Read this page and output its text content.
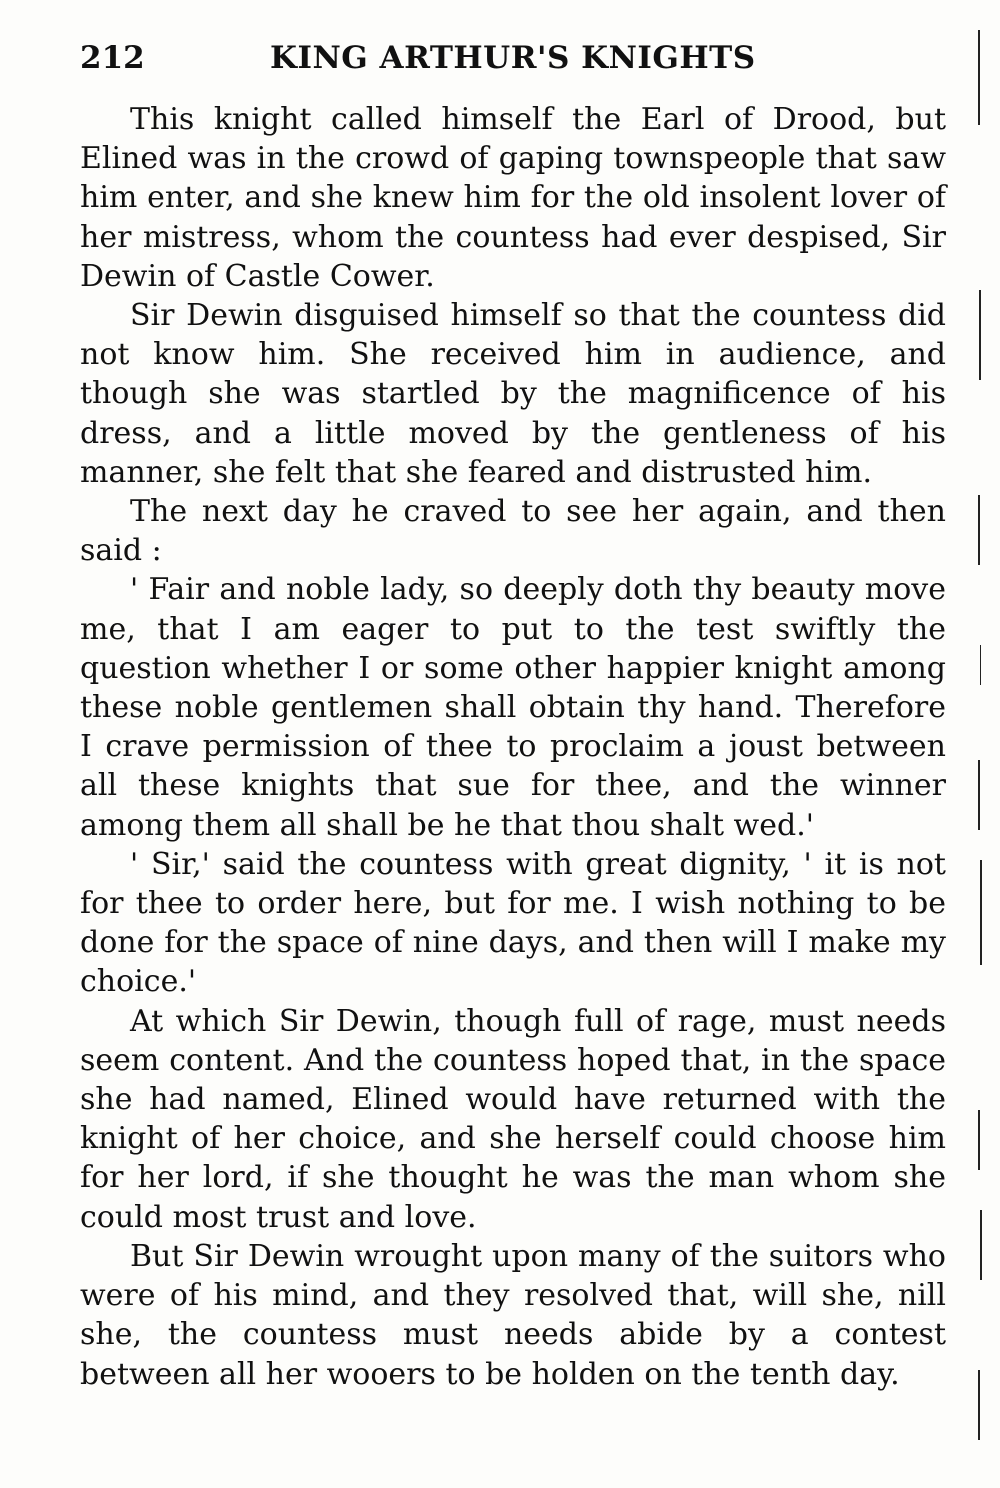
212	KING ARTHUR'S KNIGHTS

This knight called himself the Earl of Drood, but Elined was in the crowd of gaping townspeople that saw him enter, and she knew him for the old insolent lover of her mistress, whom the countess had ever despised, Sir Dewin of Castle Cower.

Sir Dewin disguised himself so that the countess did not know him. She received him in audience, and though she was startled by the magnificence of his dress, and a little moved by the gentleness of his manner, she felt that she feared and distrusted him.

The next day he craved to see her again, and then said :

' Fair and noble lady, so deeply doth thy beauty move me, that I am eager to put to the test swiftly the question whether I or some other happier knight among these noble gentlemen shall obtain thy hand. Therefore I crave permission of thee to proclaim a joust between all these knights that sue for thee, and the winner among them all shall be he that thou shalt wed.'

' Sir,' said the countess with great dignity, ' it is not for thee to order here, but for me. I wish nothing to be done for the space of nine days, and then will I make my choice.'

At which Sir Dewin, though full of rage, must needs seem content. And the countess hoped that, in the space she had named, Elined would have returned with the knight of her choice, and she herself could choose him for her lord, if she thought he was the man whom she could most trust and love.

But Sir Dewin wrought upon many of the suitors who were of his mind, and they resolved that, will she, nill she, the countess must needs abide by a contest between all her wooers to be holden on the tenth day.
